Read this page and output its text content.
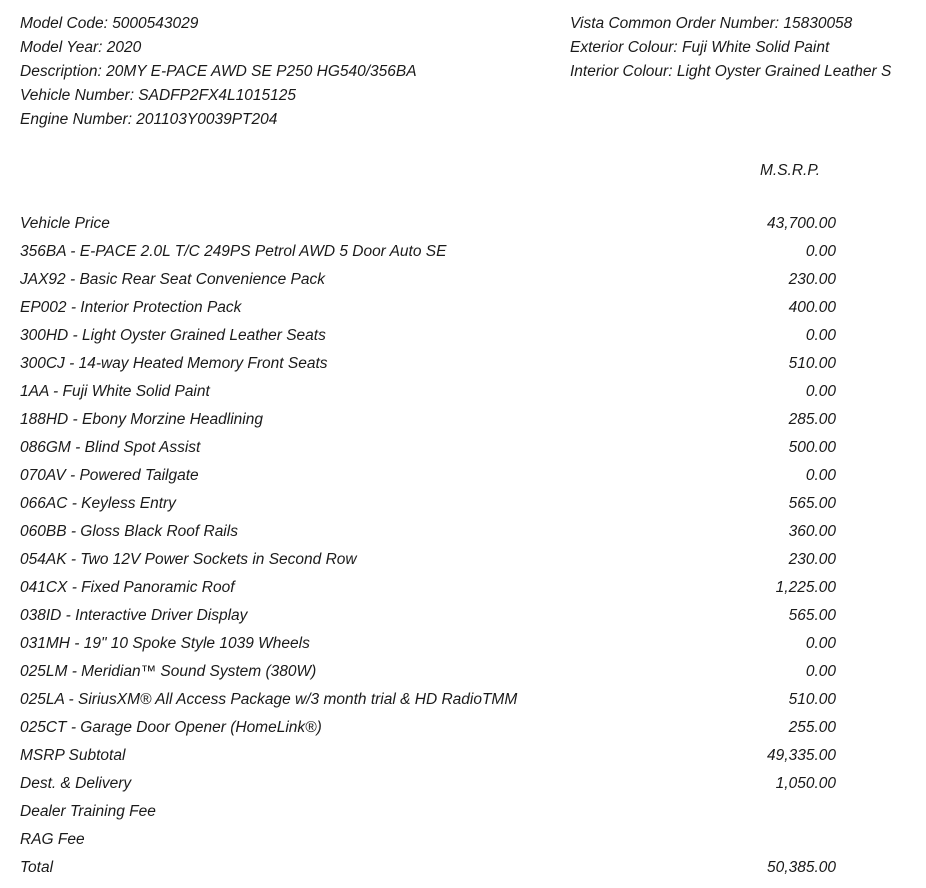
Model Code: 5000543029
Model Year: 2020
Description: 20MY E-PACE AWD SE P250 HG540/356BA
Vehicle Number: SADFP2FX4L1015125
Engine Number: 201103Y0039PT204
Vista Common Order Number: 15830058
Exterior Colour: Fuji White Solid Paint
Interior Colour: Light Oyster Grained Leather S
M.S.R.P.
Vehicle Price	43,700.00
356BA - E-PACE 2.0L T/C 249PS Petrol AWD 5 Door Auto SE	0.00
JAX92 - Basic Rear Seat Convenience Pack	230.00
EP002 - Interior Protection Pack	400.00
300HD - Light Oyster Grained Leather Seats	0.00
300CJ - 14-way Heated Memory Front Seats	510.00
1AA - Fuji White Solid Paint	0.00
188HD - Ebony Morzine Headlining	285.00
086GM - Blind Spot Assist	500.00
070AV - Powered Tailgate	0.00
066AC - Keyless Entry	565.00
060BB - Gloss Black Roof Rails	360.00
054AK - Two 12V Power Sockets in Second Row	230.00
041CX - Fixed Panoramic Roof	1,225.00
038ID - Interactive Driver Display	565.00
031MH - 19" 10 Spoke Style 1039 Wheels	0.00
025LM - Meridian™ Sound System (380W)	0.00
025LA - SiriusXM® All Access Package w/3 month trial & HD RadioTMM	510.00
025CT - Garage Door Opener (HomeLink®)	255.00
MSRP Subtotal	49,335.00
Dest. & Delivery	1,050.00
Dealer Training Fee
RAG Fee
Total	50,385.00
